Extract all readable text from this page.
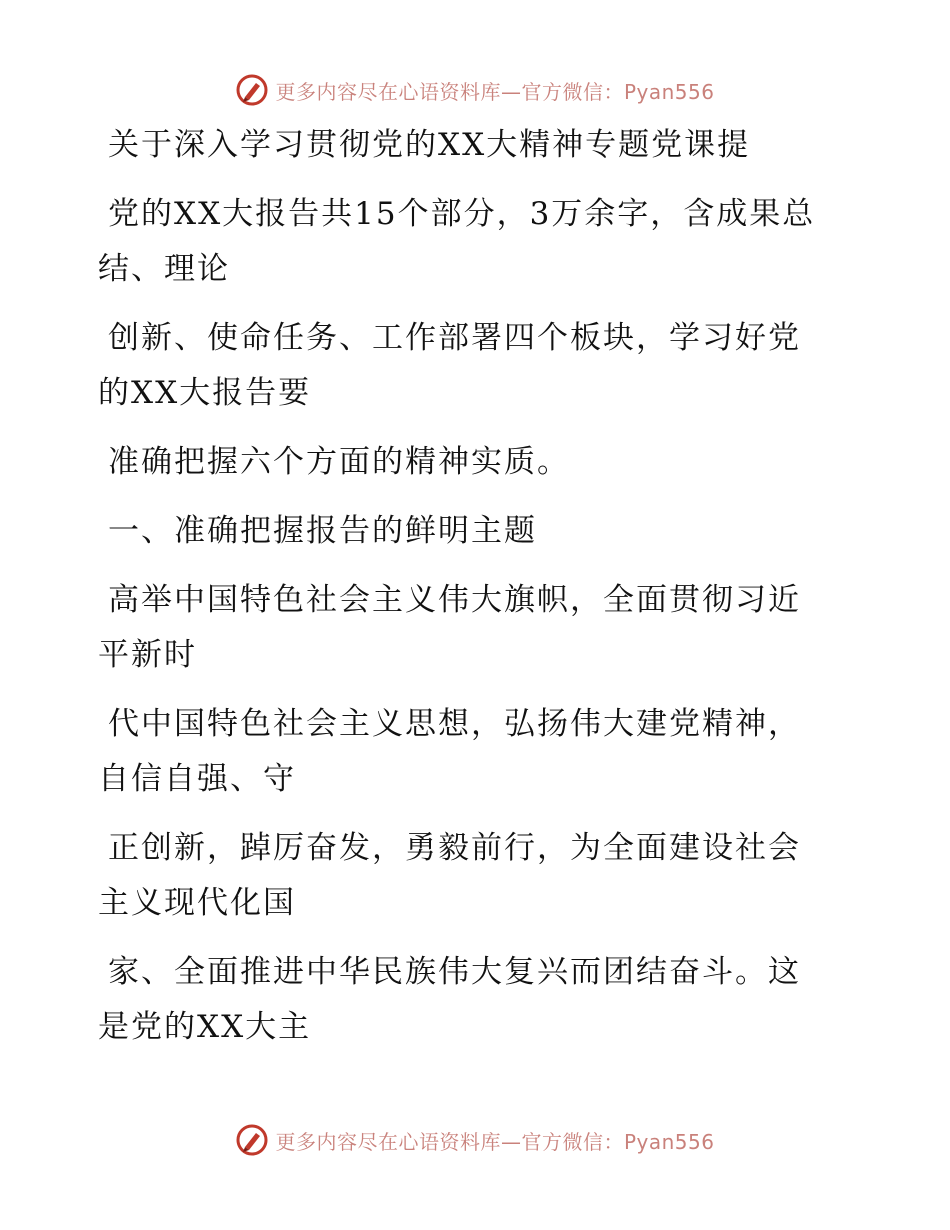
更多内容尽在心语资料库—官方微信：Pyan556

关于深入学习贯彻党的XX大精神专题党课提

党的XX大报告共15个部分，3万余字，含成果总
结、理论

创新、使命任务、工作部署四个板块，学习好党
的XX大报告要

准确把握六个方面的精神实质。

一、准确把握报告的鲜明主题

高举中国特色社会主义伟大旗帜，全面贯彻习近
平新时

代中国特色社会主义思想，弘扬伟大建党精神，
自信自强、守

正创新，踔厉奋发，勇毅前行，为全面建设社会
主义现代化国

家、全面推进中华民族伟大复兴而团结奋斗。这
是党的XX大主

更多内容尽在心语资料库—官方微信：Pyan556
